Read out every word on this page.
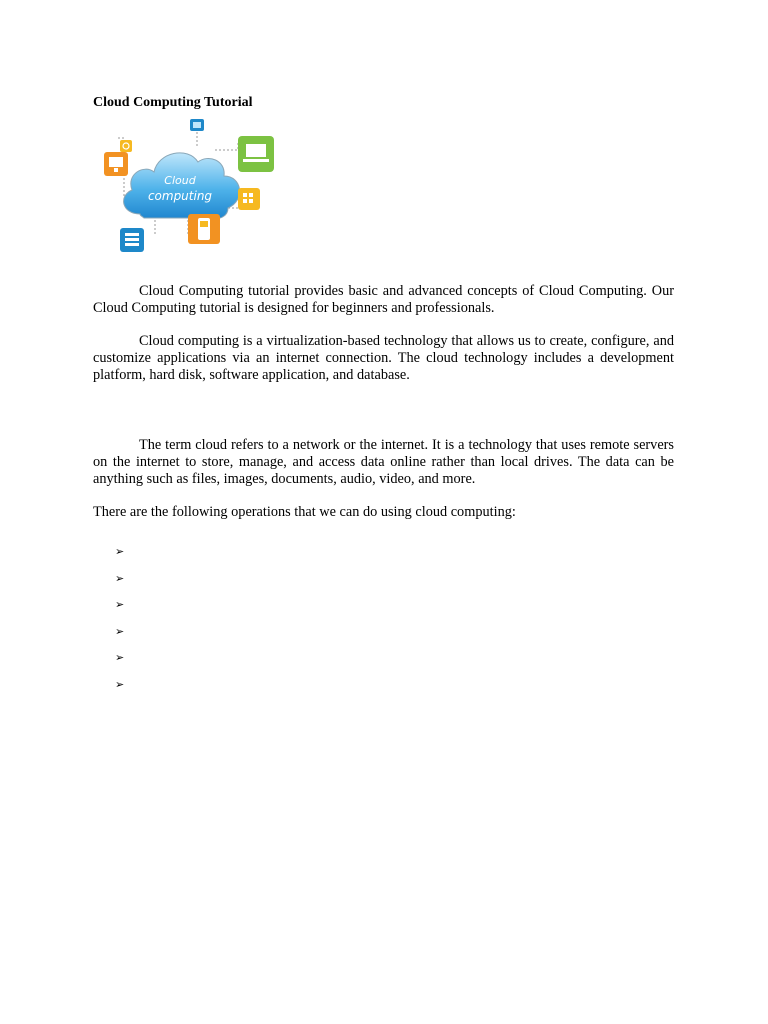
Cloud Computing Tutorial
Cloud
computing

Cloud Computing tutorial provides basic and advanced concepts of Cloud Computing. Our Cloud Computing tutorial is designed for beginners and professionals.

Cloud computing is a virtualization-based technology that allows us to create, configure, and customize applications via an internet connection. The cloud technology includes a development platform, hard disk, software application, and database.

The term cloud refers to a network or the internet. It is a technology that uses remote servers on the internet to store, manage, and access data online rather than local drives. The data can be anything such as files, images, documents, audio, video, and more.

There are the following operations that we can do using cloud computing:

➢
➢
➢
➢
➢
➢
